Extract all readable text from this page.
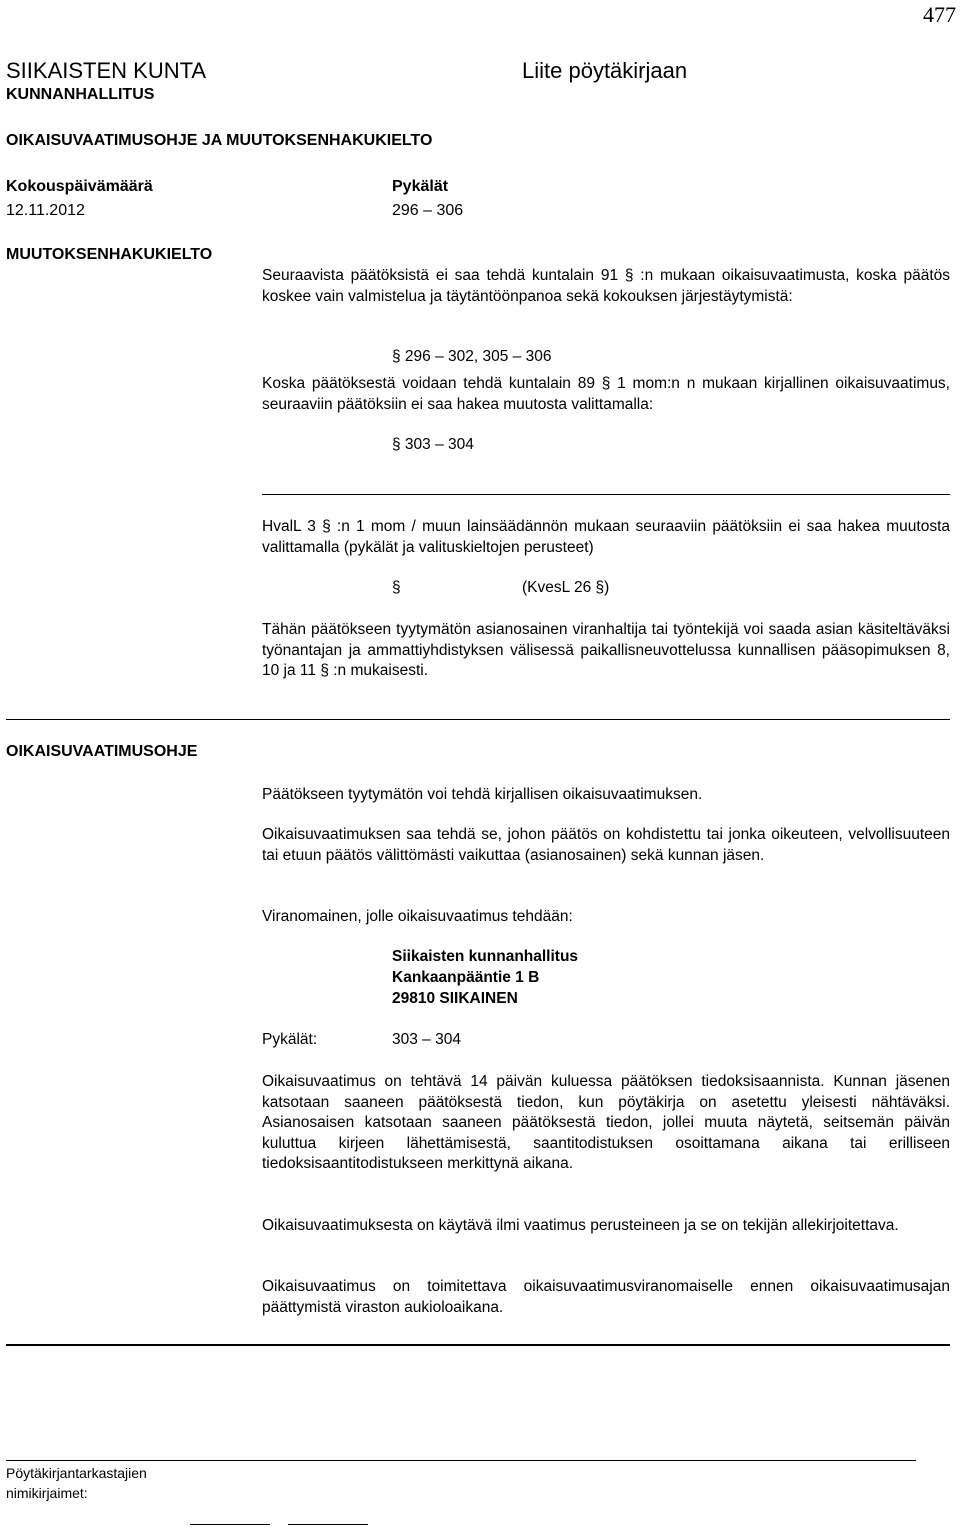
477
SIIKAISTEN KUNTA
KUNNANHALLITUS
Liite pöytäkirjaan
OIKAISUVAATIMUSOHJE JA MUUTOKSENHAKUKIELTO
Kokouspäivämäärä
12.11.2012
Pykälät
296 – 306
MUUTOKSENHAKUKIELTO
Seuraavista päätöksistä ei saa tehdä kuntalain 91 § :n mukaan oikaisuvaatimusta, koska päätös koskee vain valmistelua ja täytäntöönpanoa sekä kokouksen järjestäytymistä:
§ 296 – 302, 305 – 306
Koska päätöksestä voidaan tehdä kuntalain 89 § 1 mom:n n mukaan kirjallinen oikaisuvaatimus, seuraaviin päätöksiin ei saa hakea muutosta valittamalla:
§ 303 – 304
HvalL 3 § :n 1 mom / muun lainsäädännön mukaan seuraaviin päätöksiin ei saa hakea muutosta valittamalla (pykälät ja valituskieltojen perusteet)
§	(KvesL 26 §)
Tähän päätökseen tyytymätön asianosainen viranhaltija tai työntekijä voi saada asian käsiteltäväksi työnantajan ja ammattiyhdistyksen välisessä paikallisneuvottelussa kunnallisen pääsopimuksen 8, 10 ja 11 § :n mukaisesti.
OIKAISUVAATIMUSOHJE
Päätökseen tyytymätön voi tehdä kirjallisen oikaisuvaatimuksen.
Oikaisuvaatimuksen saa tehdä se, johon päätös on kohdistettu tai jonka oikeuteen, velvollisuuteen tai etuun päätös välittömästi vaikuttaa (asianosainen) sekä kunnan jäsen.
Viranomainen, jolle oikaisuvaatimus tehdään:
Siikaisten kunnanhallitus
Kankaanpääntie 1 B
29810 SIIKAINEN
Pykälät:	303 – 304
Oikaisuvaatimus on tehtävä 14 päivän kuluessa päätöksen tiedoksisaannista. Kunnan jäsenen katsotaan saaneen päätöksestä tiedon, kun pöytäkirja on asetettu yleisesti nähtäväksi. Asianosaisen katsotaan saaneen päätöksestä tiedon, jollei muuta näytetä, seitsemän päivän kuluttua kirjeen lähettämisestä, saantitodistuksen osoittamana aikana tai erilliseen tiedoksisaantitodistukseen merkittynä aikana.
Oikaisuvaatimuksesta on käytävä ilmi vaatimus perusteineen ja se on tekijän allekirjoitettava.
Oikaisuvaatimus on toimitettava oikaisuvaatimusviranomaiselle ennen oikaisuvaatimusajan päättymistä viraston aukioloaikana.
Pöytäkirjantarkastajien
nimikirjaimet:
